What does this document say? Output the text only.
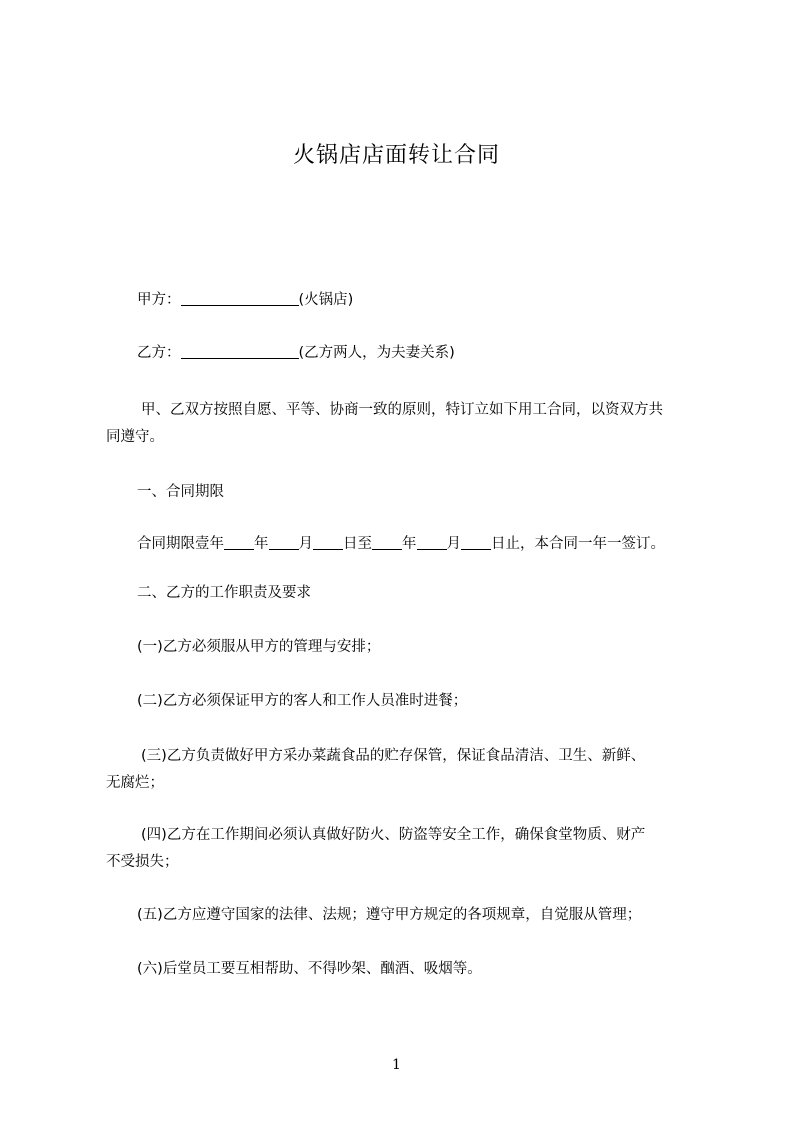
火锅店店面转让合同
甲方：	(火锅店)
乙方：	(乙方两人，为夫妻关系)
甲、乙双方按照自愿、平等、协商一致的原则，特订立如下用工合同，以资双方共
同遵守。
一、合同期限
合同期限壹年 年 月 日至 年 月 日止，本合同一年一签订。
二、乙方的工作职责及要求
(一)乙方必须服从甲方的管理与安排；
(二)乙方必须保证甲方的客人和工作人员准时进餐；
(三)乙方负责做好甲方采办菜蔬食品的贮存保管，保证食品清洁、卫生、新鲜、
无腐烂；
(四)乙方在工作期间必须认真做好防火、防盗等安全工作，确保食堂物质、财产
不受损失；
(五)乙方应遵守国家的法律、法规；遵守甲方规定的各项规章，自觉服从管理；
(六)后堂员工要互相帮助、不得吵架、酗酒、吸烟等。
1
